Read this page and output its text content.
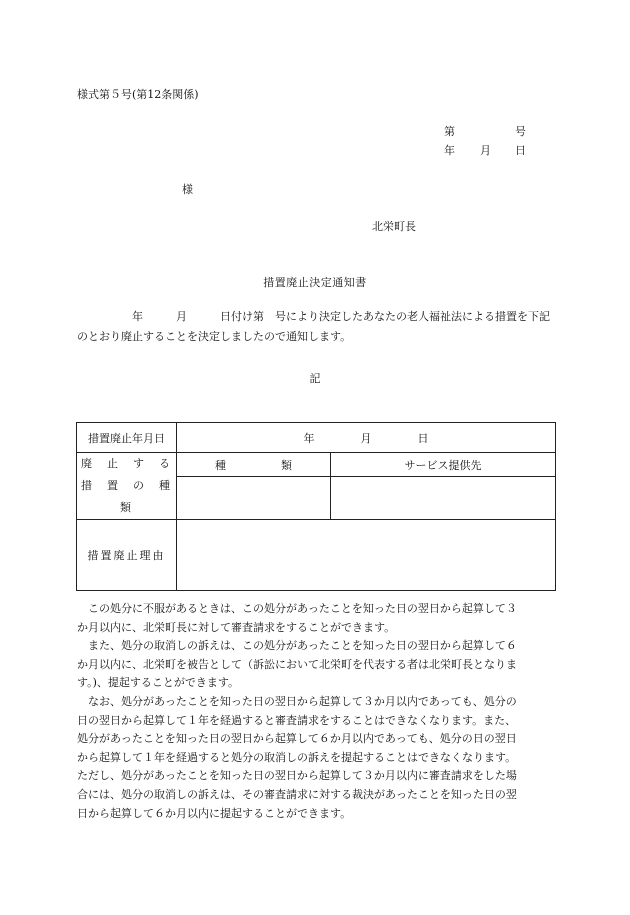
様式第５号(第12条関係)
第	号
年 月 日
様
北栄町長
措置廃止決定通知書
　　　　　年　　　月　　　日付け第　号により決定したあなたの老人福祉法による措置を下記
のとおり廃止することを決定しましたので通知します。
記
措置廃止年月日	年 月 日	

廃　止　す　る
措　置　の　種　類	種　　　　　類	サービス提供先

措置廃止理由		
　この処分に不服があるときは、この処分があったことを知った日の翌日から起算して３
か月以内に、北栄町長に対して審査請求をすることができます。
　また、処分の取消しの訴えは、この処分があったことを知った日の翌日から起算して６
か月以内に、北栄町を被告として（訴訟において北栄町を代表する者は北栄町長となりま
す。)、提起することができます。
　なお、処分があったことを知った日の翌日から起算して３か月以内であっても、処分の
日の翌日から起算して１年を経過すると審査請求をすることはできなくなります。また、
処分があったことを知った日の翌日から起算して６か月以内であっても、処分の日の翌日
から起算して１年を経過すると処分の取消しの訴えを提起することはできなくなります。
ただし、処分があったことを知った日の翌日から起算して３か月以内に審査請求をした場
合には、処分の取消しの訴えは、その審査請求に対する裁決があったことを知った日の翌
日から起算して６か月以内に提起することができます。
